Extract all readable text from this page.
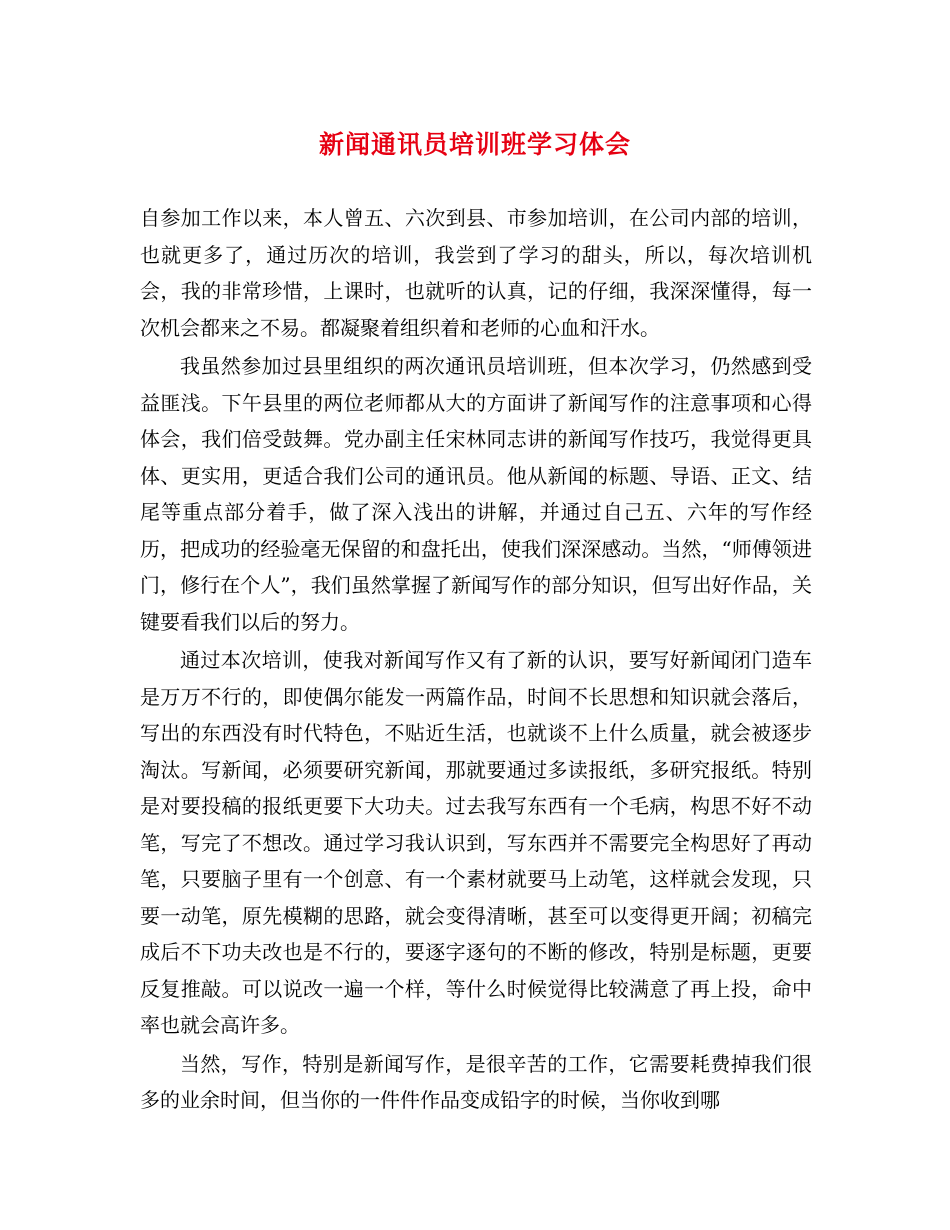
新闻通讯员培训班学习体会

自参加工作以来，本人曾五、六次到县、市参加培训，在公司内部的培训，也就更多了，通过历次的培训，我尝到了学习的甜头，所以，每次培训机会，我的非常珍惜，上课时，也就听的认真，记的仔细，我深深懂得，每一次机会都来之不易。都凝聚着组织着和老师的心血和汗水。

我虽然参加过县里组织的两次通讯员培训班，但本次学习，仍然感到受益匪浅。下午县里的两位老师都从大的方面讲了新闻写作的注意事项和心得体会，我们倍受鼓舞。党办副主任宋林同志讲的新闻写作技巧，我觉得更具体、更实用，更适合我们公司的通讯员。他从新闻的标题、导语、正文、结尾等重点部分着手，做了深入浅出的讲解，并通过自己五、六年的写作经历，把成功的经验毫无保留的和盘托出，使我们深深感动。当然，“师傅领进门，修行在个人”，我们虽然掌握了新闻写作的部分知识，但写出好作品，关键要看我们以后的努力。

通过本次培训，使我对新闻写作又有了新的认识，要写好新闻闭门造车是万万不行的，即使偶尔能发一两篇作品，时间不长思想和知识就会落后，写出的东西没有时代特色，不贴近生活，也就谈不上什么质量，就会被逐步淘汰。写新闻，必须要研究新闻，那就要通过多读报纸，多研究报纸。特别是对要投稿的报纸更要下大功夫。过去我写东西有一个毛病，构思不好不动笔，写完了不想改。通过学习我认识到，写东西并不需要完全构思好了再动笔，只要脑子里有一个创意、有一个素材就要马上动笔，这样就会发现，只要一动笔，原先模糊的思路，就会变得清晰，甚至可以变得更开阔；初稿完成后不下功夫改也是不行的，要逐字逐句的不断的修改，特别是标题，更要反复推敲。可以说改一遍一个样，等什么时候觉得比较满意了再上投，命中率也就会高许多。

当然，写作，特别是新闻写作，是很辛苦的工作，它需要耗费掉我们很多的业余时间，但当你的一件件作品变成铅字的时候，当你收到哪
